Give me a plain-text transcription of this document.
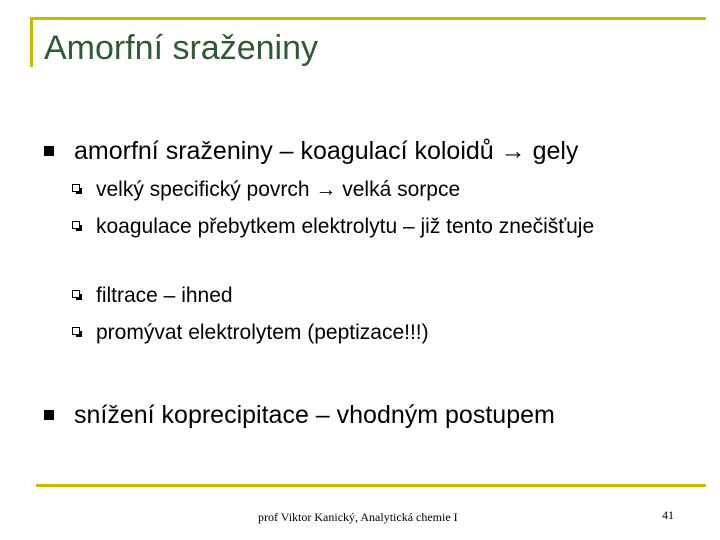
Amorfní sraženiny
amorfní sraženiny – koagulací koloidů → gely
velký specifický povrch → velká sorpce
koagulace přebytkem elektrolytu – již tento znečišťuje
filtrace – ihned
promývat elektrolytem (peptizace!!!)
snížení koprecipitace – vhodným postupem
prof Viktor Kanický, Analytická chemie I	41
